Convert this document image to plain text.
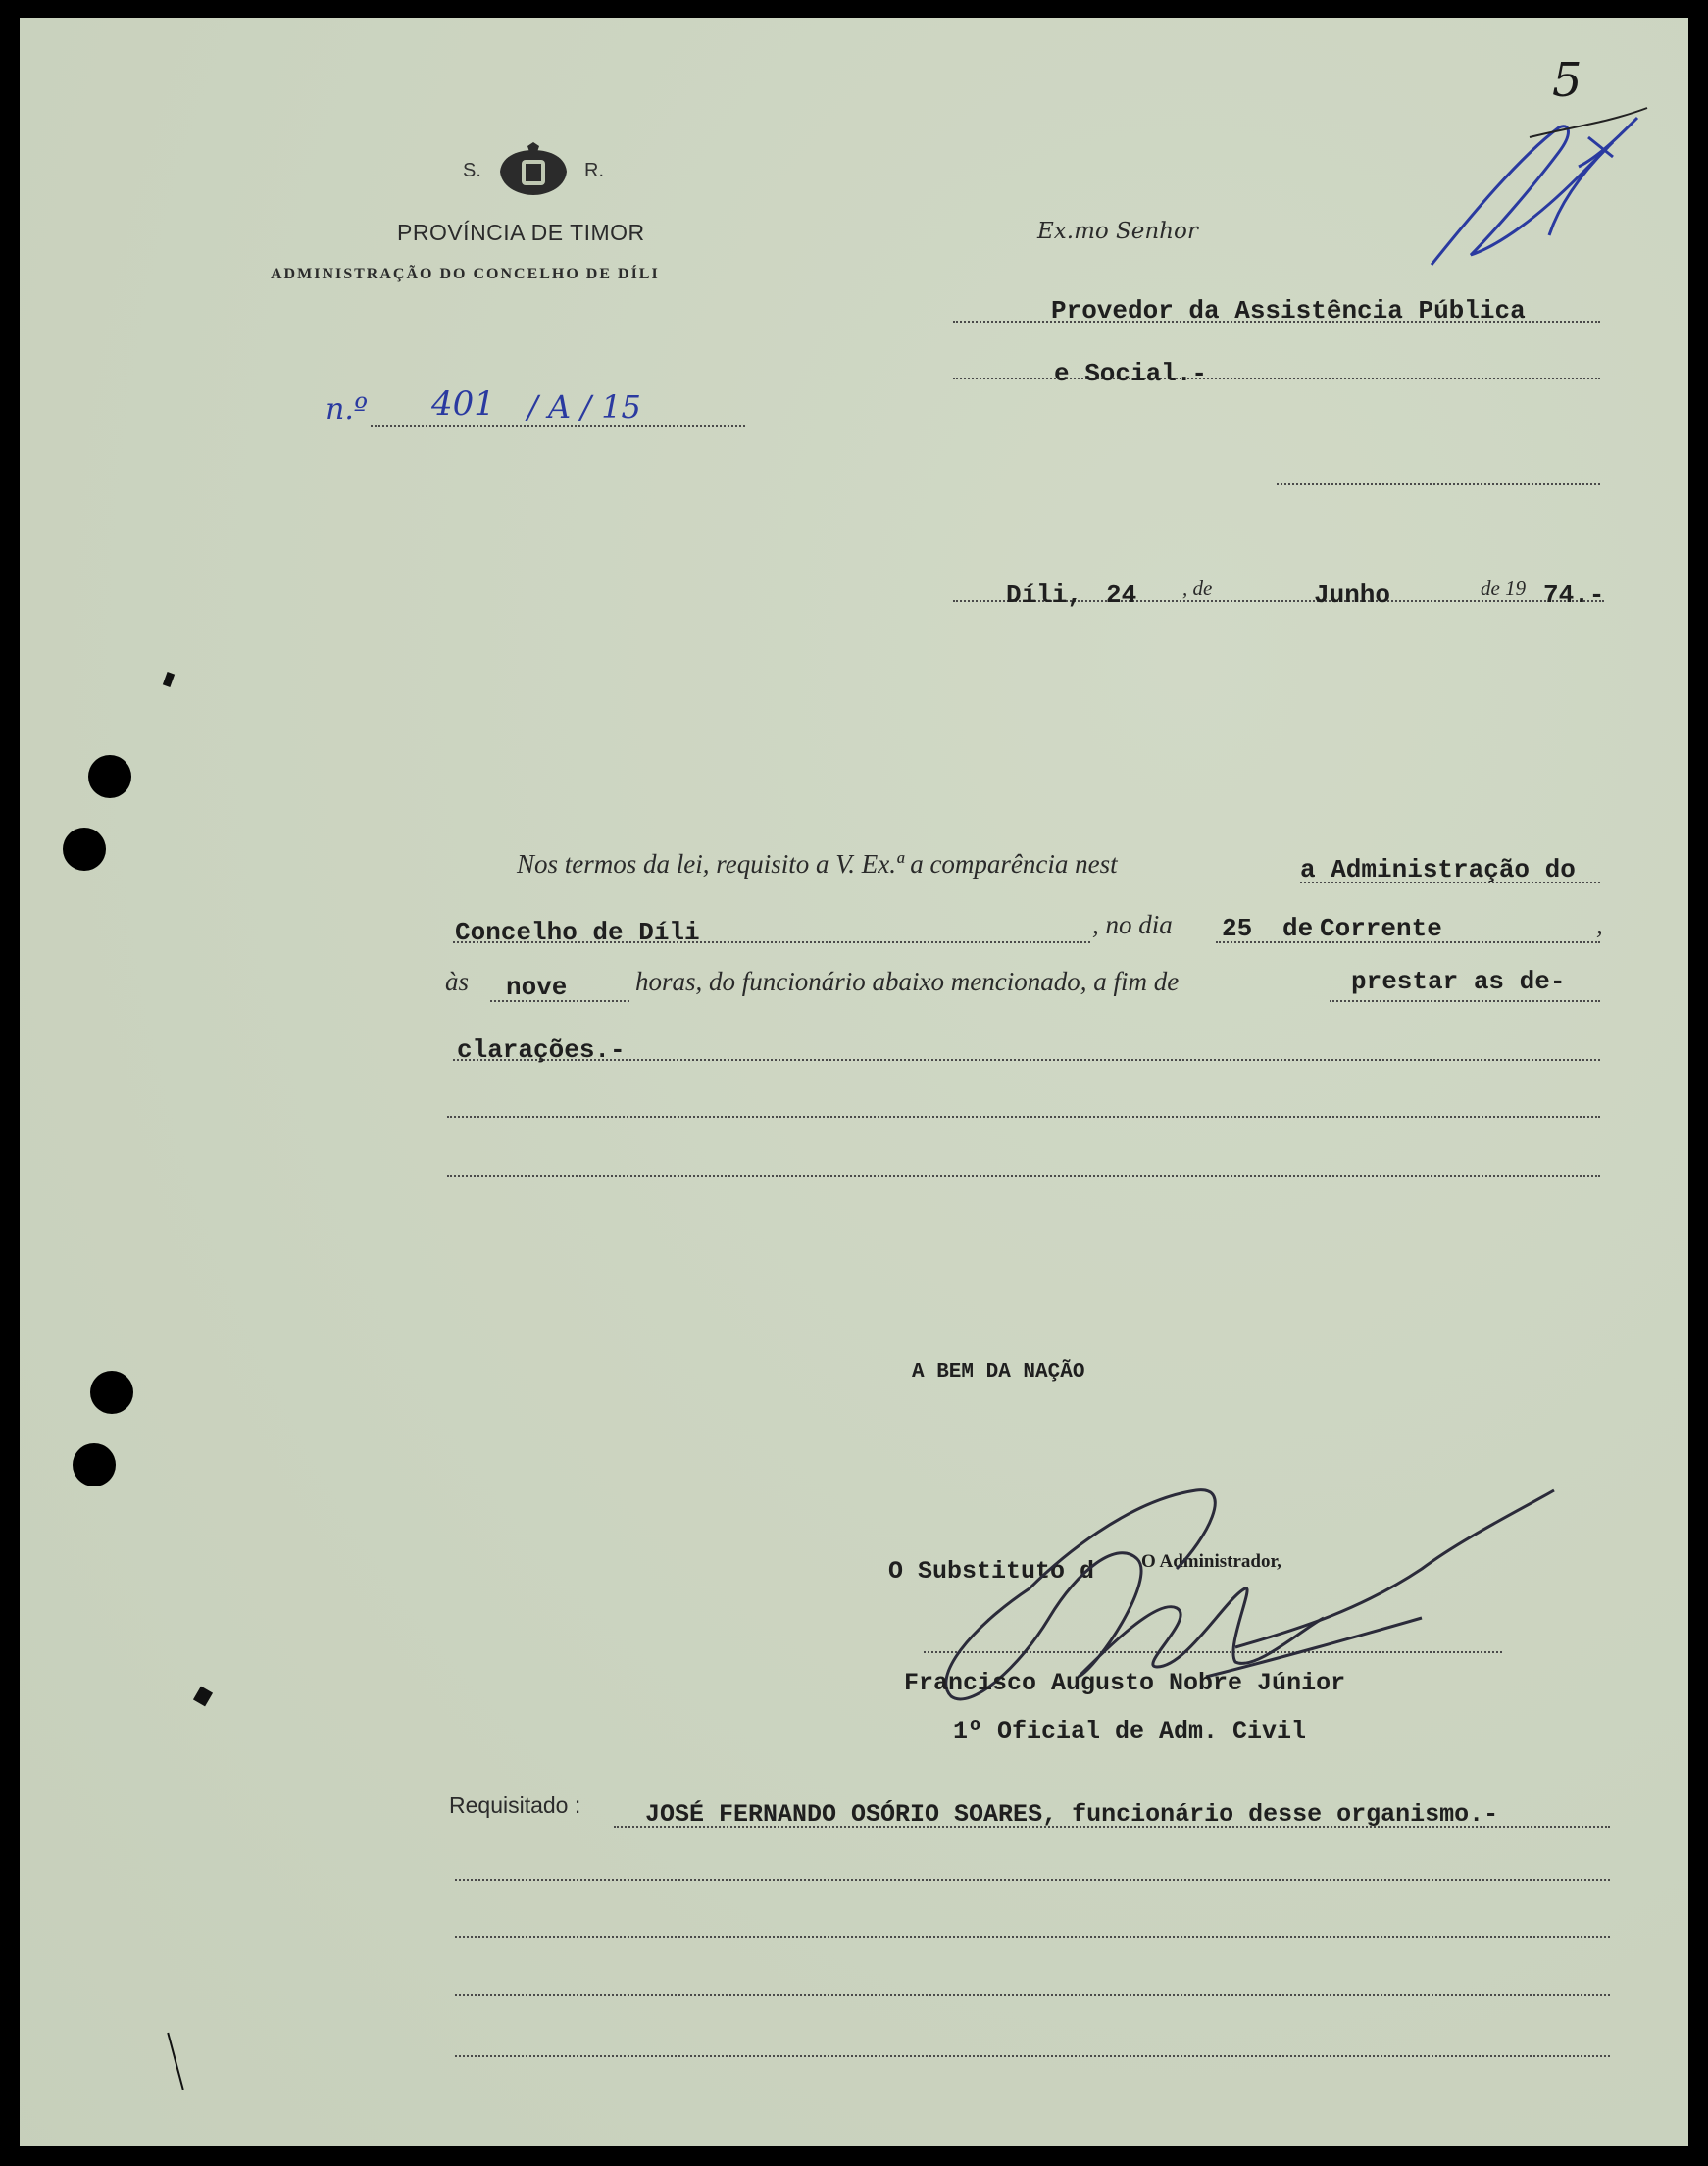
S.	R.
PROVÍNCIA DE TIMOR
ADMINISTRAÇÃO DO CONCELHO DE DÍLI
n.º 401 / A / 15
5
Ex.mo Senhor
Provedor da Assistência Pública
e Social.-
Díli, 24 , de	Junho	de 19 74.-
Nos termos da lei, requisito a V. Ex.ª a comparência nest	a Administração do
Concelho de Díli	, no dia 25 de Corrente	,
às nove	horas, do funcionário abaixo mencionado, a fim de	prestar as de-
clarações.-
A BEM DA NAÇÃO
O Substituto d	O Administrador,
Francisco Augusto Nobre Júnior
1º Oficial de Adm. Civil
Requisitado :	JOSÉ FERNANDO OSÓRIO SOARES, funcionário desse organismo.-
